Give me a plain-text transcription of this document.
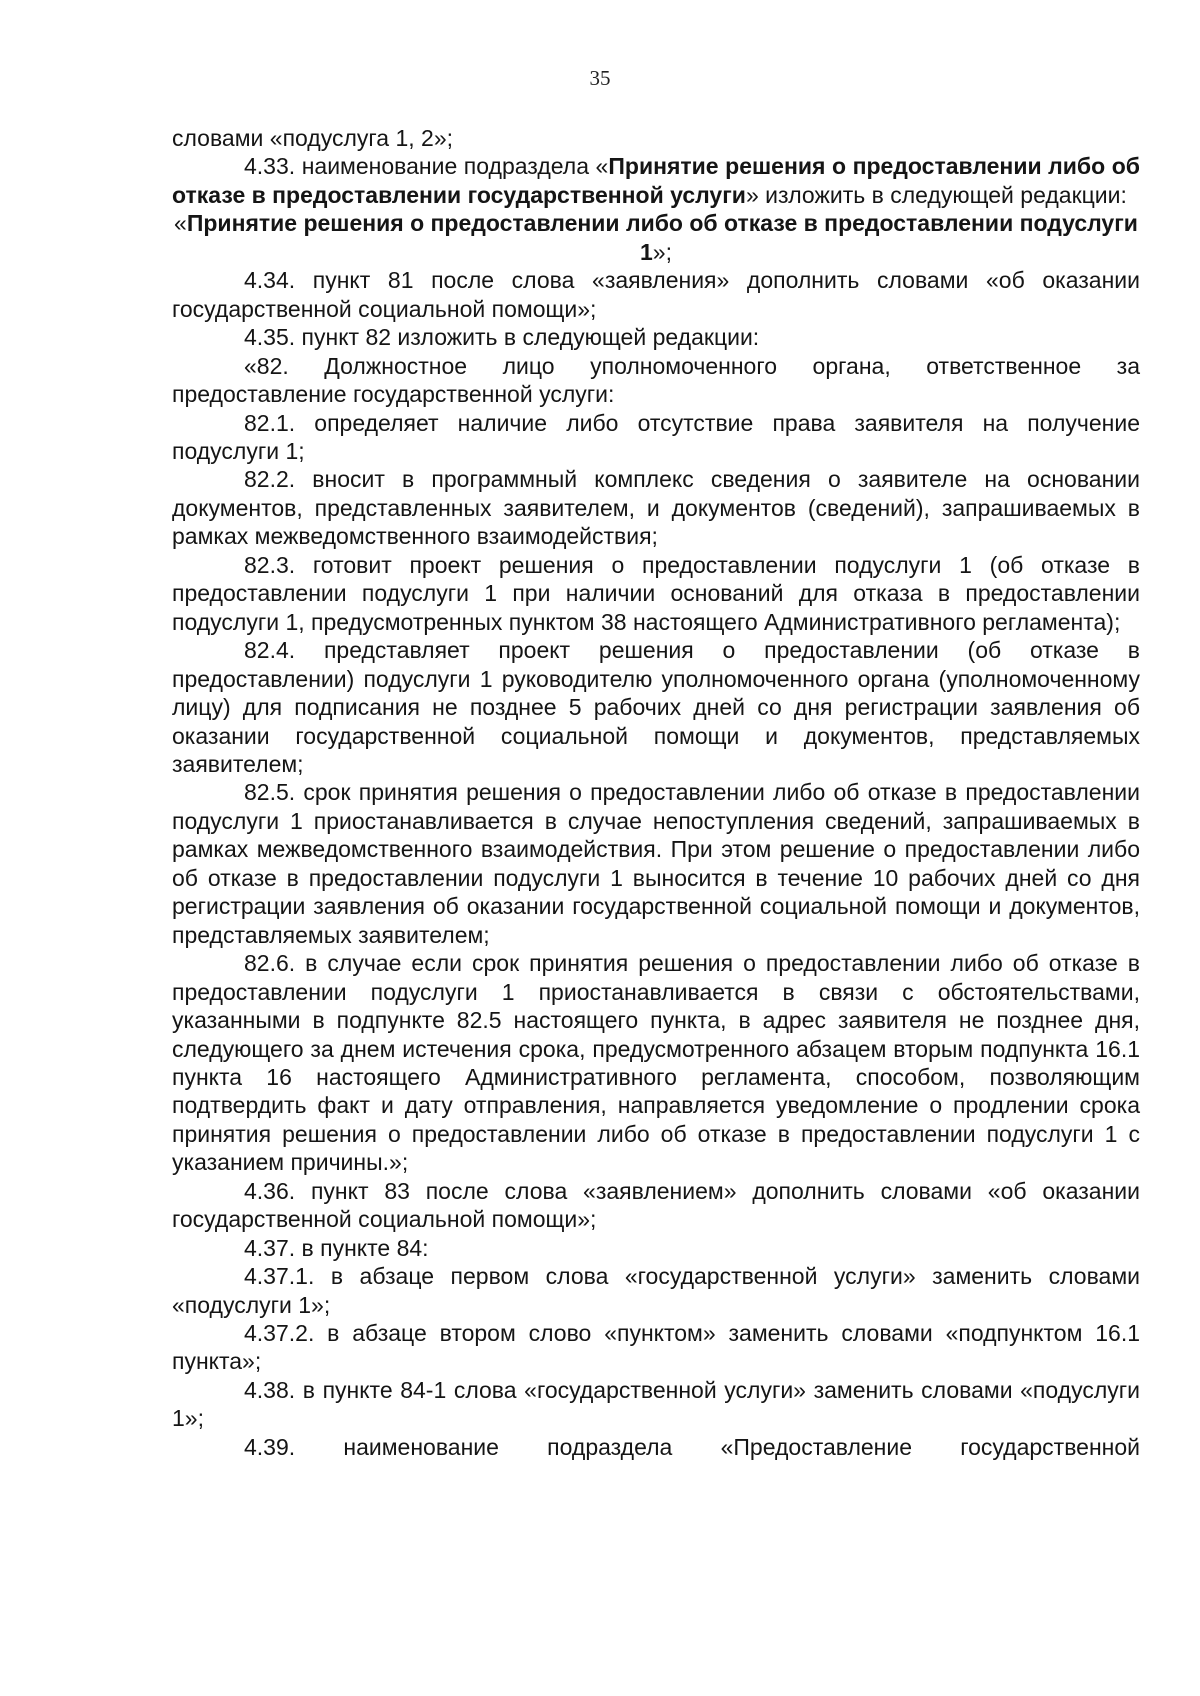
35

словами «подуслуга 1, 2»;

4.33. наименование подраздела «Принятие решения о предоставлении либо об отказе в предоставлении государственной услуги» изложить в следующей редакции:

«Принятие решения о предоставлении либо об отказе в предоставлении подуслуги 1»;

4.34. пункт 81 после слова «заявления» дополнить словами «об оказании государственной социальной помощи»;

4.35. пункт 82 изложить в следующей редакции:

«82. Должностное лицо уполномоченного органа, ответственное за предоставление государственной услуги:

82.1. определяет наличие либо отсутствие права заявителя на получение подуслуги 1;

82.2. вносит в программный комплекс сведения о заявителе на основании документов, представленных заявителем, и документов (сведений), запрашиваемых в рамках межведомственного взаимодействия;

82.3. готовит проект решения о предоставлении подуслуги 1 (об отказе в предоставлении подуслуги 1 при наличии оснований для отказа в предоставлении подуслуги 1, предусмотренных пунктом 38 настоящего Административного регламента);

82.4. представляет проект решения о предоставлении (об отказе в предоставлении) подуслуги 1 руководителю уполномоченного органа (уполномоченному лицу) для подписания не позднее 5 рабочих дней со дня регистрации заявления об оказании государственной социальной помощи и документов, представляемых заявителем;

82.5. срок принятия решения о предоставлении либо об отказе в предоставлении подуслуги 1 приостанавливается в случае непоступления сведений, запрашиваемых в рамках межведомственного взаимодействия. При этом решение о предоставлении либо об отказе в предоставлении подуслуги 1 выносится в течение 10 рабочих дней со дня регистрации заявления об оказании государственной социальной помощи и документов, представляемых заявителем;

82.6. в случае если срок принятия решения о предоставлении либо об отказе в предоставлении подуслуги 1 приостанавливается в связи с обстоятельствами, указанными в подпункте 82.5 настоящего пункта, в адрес заявителя не позднее дня, следующего за днем истечения срока, предусмотренного абзацем вторым подпункта 16.1 пункта 16 настоящего Административного регламента, способом, позволяющим подтвердить факт и дату отправления, направляется уведомление о продлении срока принятия решения о предоставлении либо об отказе в предоставлении подуслуги 1 с указанием причины.»;

4.36. пункт 83 после слова «заявлением» дополнить словами «об оказании государственной социальной помощи»;

4.37. в пункте 84:

4.37.1. в абзаце первом слова «государственной услуги» заменить словами «подуслуги 1»;

4.37.2. в абзаце втором слово «пунктом» заменить словами «подпунктом 16.1 пункта»;

4.38. в пункте 84-1 слова «государственной услуги» заменить словами «подуслуги 1»;

4.39. наименование подраздела «Предоставление государственной
